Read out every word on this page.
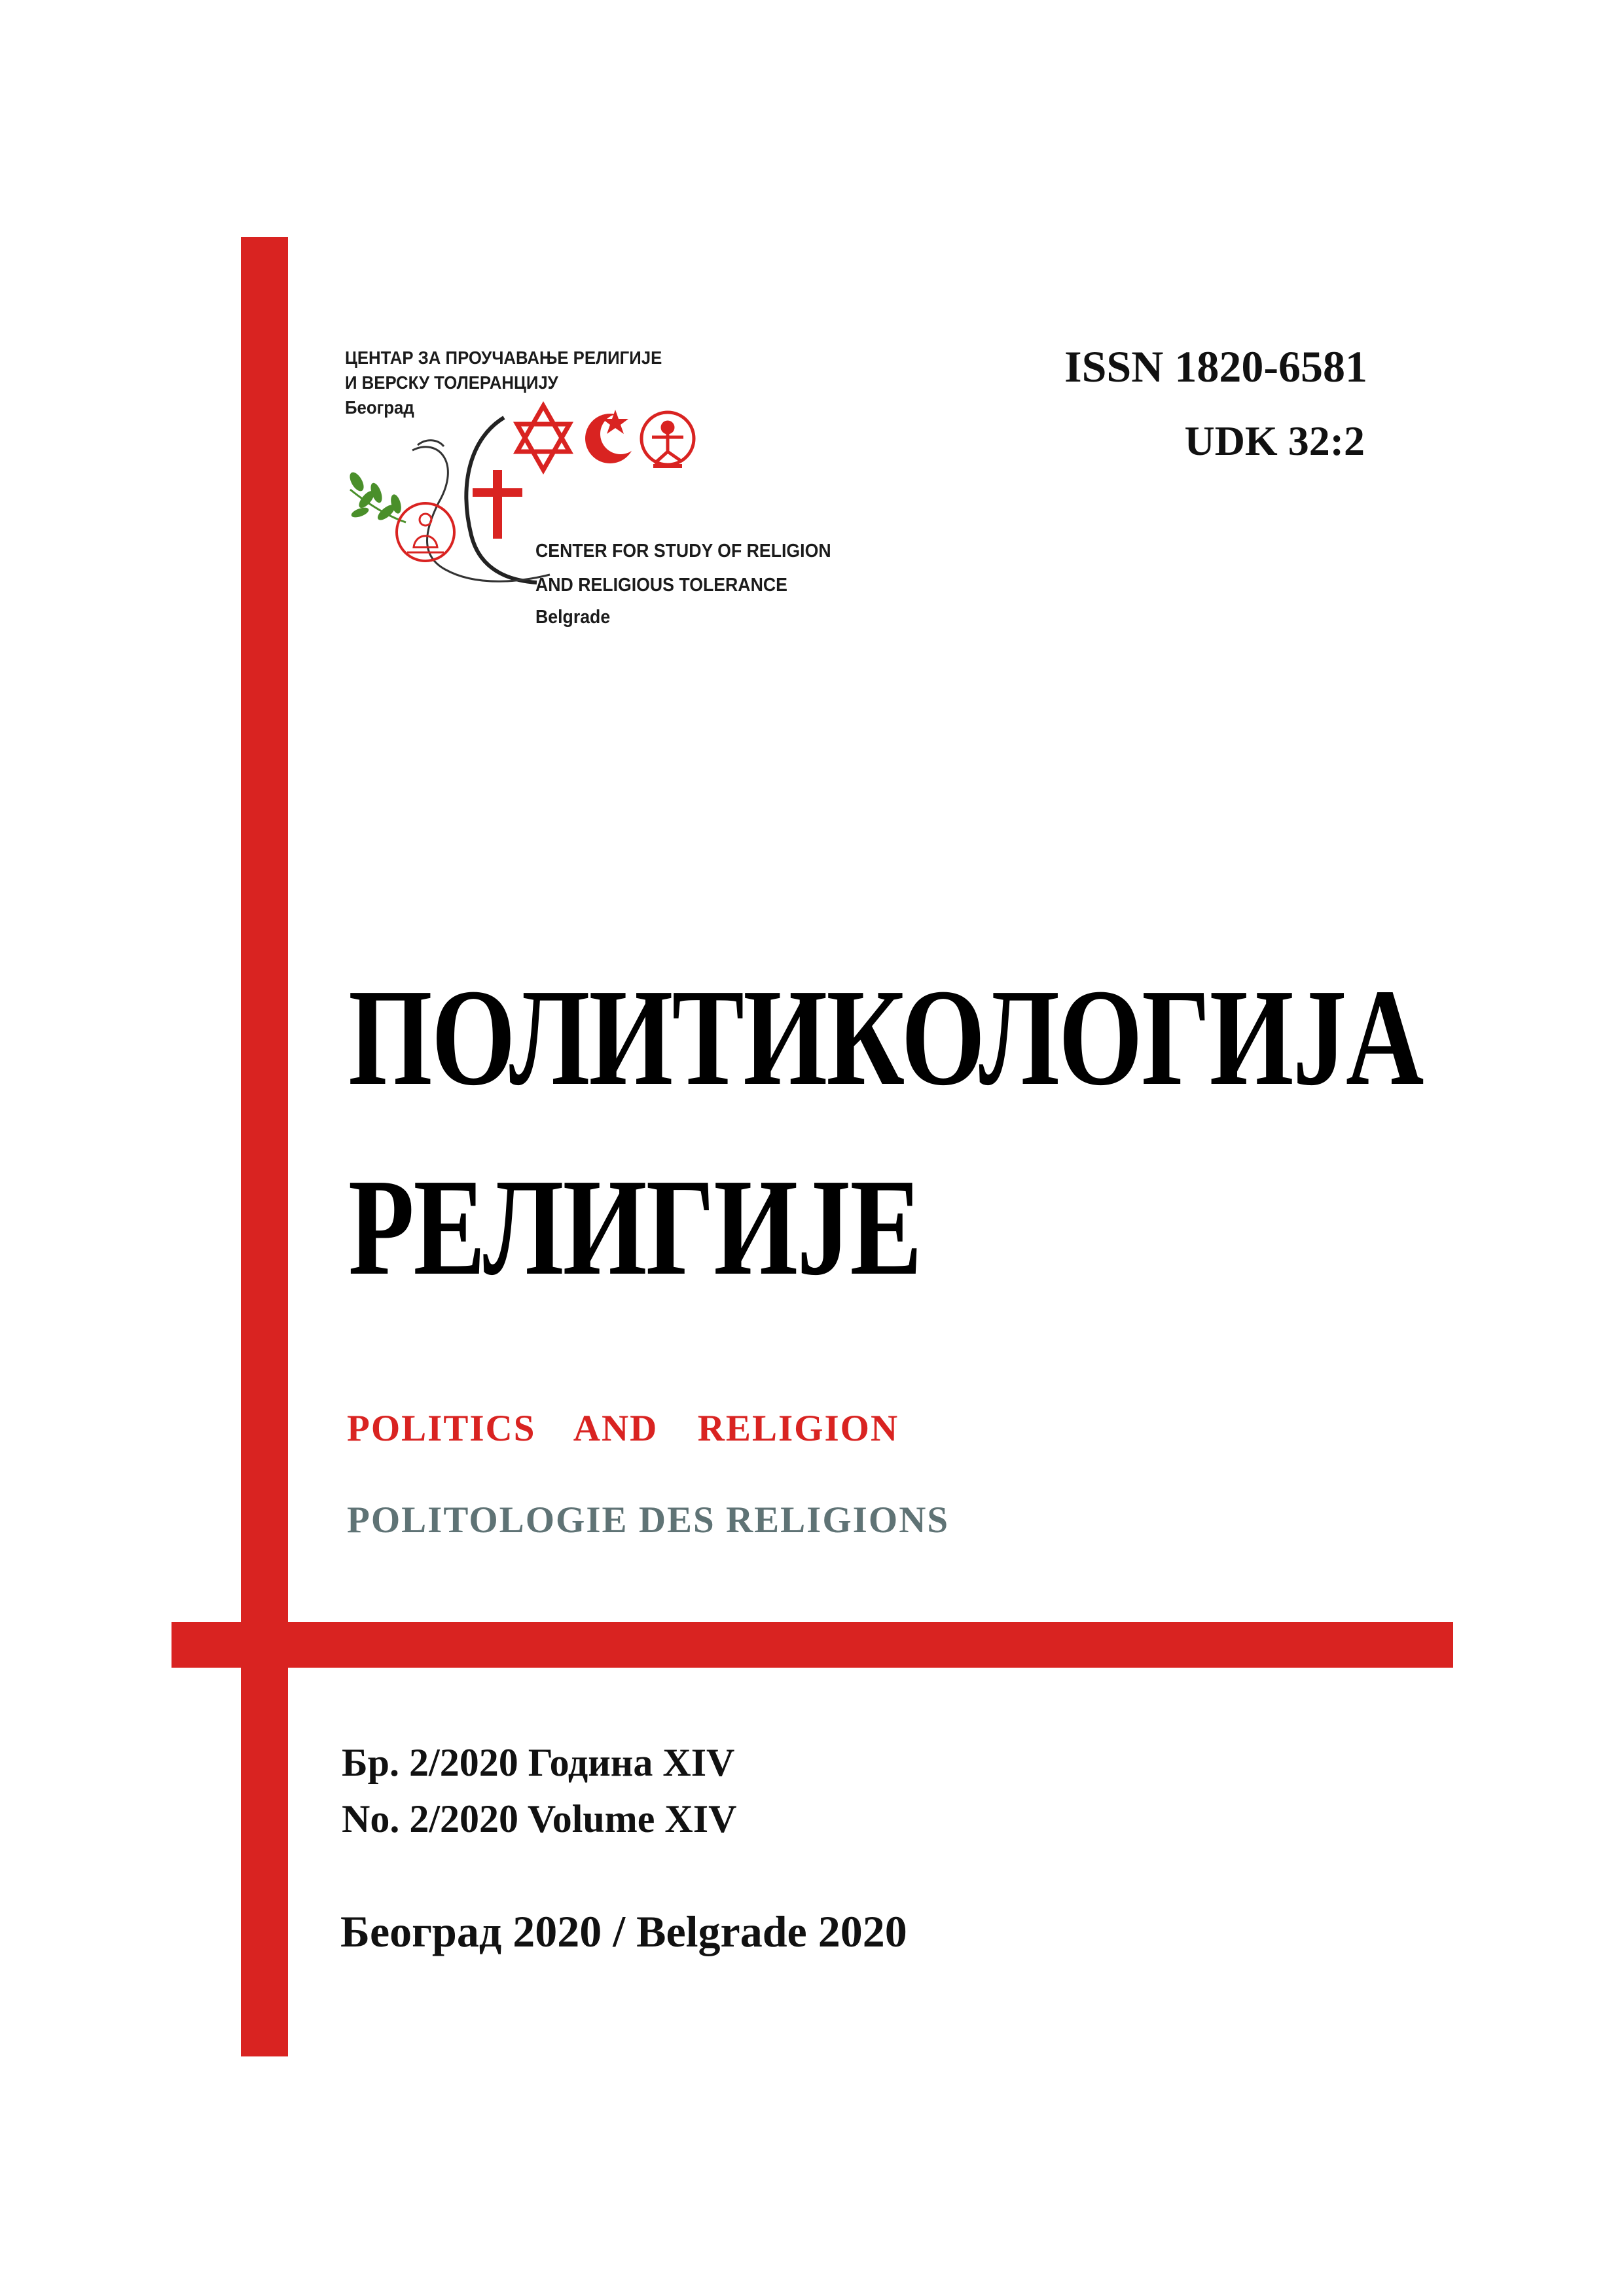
ЦЕНТАР ЗА ПРОУЧАВАЊЕ РЕЛИГИЈЕ
И ВЕРСКУ ТОЛЕРАНЦИЈУ
Београд
CENTER FOR STUDY OF RELIGION
AND RELIGIOUS TOLERANCE
Belgrade
ISSN 1820-6581
UDK 32:2
ПОЛИТИКОЛОГИЈА
РЕЛИГИЈЕ
POLITICS  AND  RELIGION
POLITOLOGIE DES RELIGIONS
Бр. 2/2020 Година XIV
No. 2/2020 Volume XIV
Београд 2020 / Belgrade 2020
